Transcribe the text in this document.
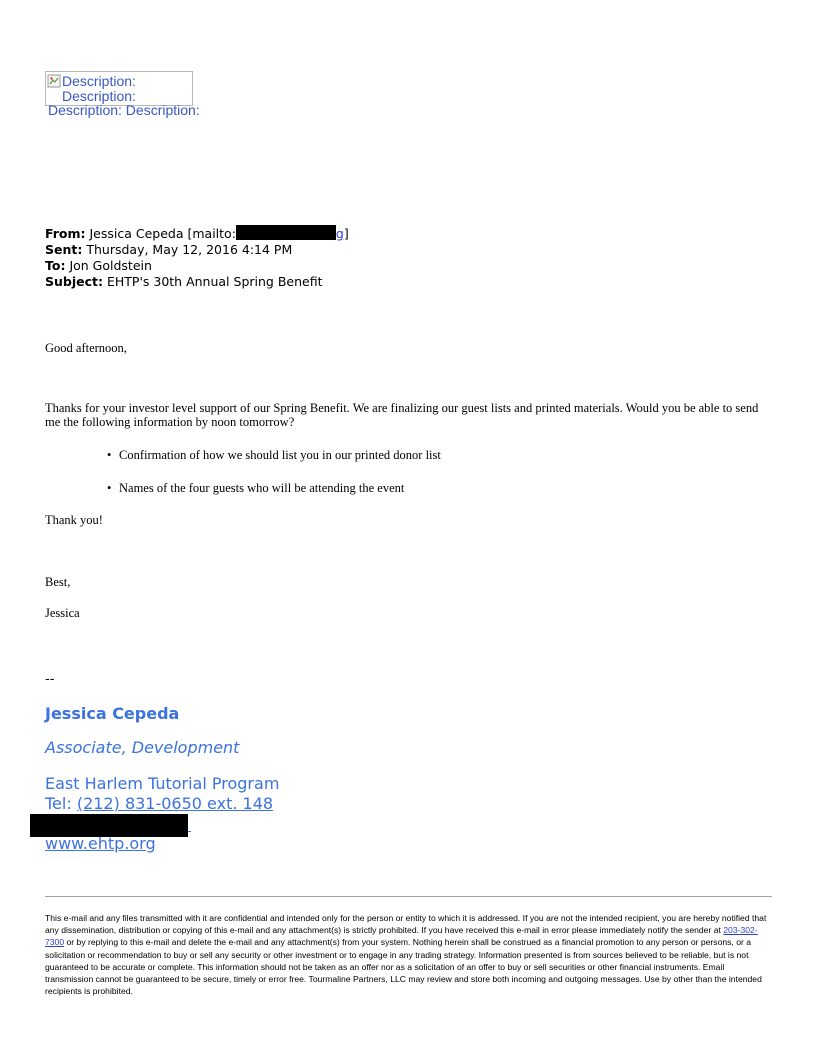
Description:
Description:
Description: Description:
From: Jessica Cepeda [mailto:	g]
Sent: Thursday, May 12, 2016 4:14 PM
To: Jon Goldstein
Subject: EHTP's 30th Annual Spring Benefit
Good afternoon,
Thanks for your investor level support of our Spring Benefit. We are finalizing our guest lists and printed materials. Would you be able to send me the following information by noon tomorrow?
• Confirmation of how we should list you in our printed donor list
• Names of the four guests who will be attending the event
Thank you!
Best,
Jessica
--
Jessica Cepeda
Associate, Development
East Harlem Tutorial Program
Tel: (212) 831-0650 ext. 148
www.ehtp.org
This e-mail and any files transmitted with it are confidential and intended only for the person or entity to which it is addressed. If you are not the intended recipient, you are hereby notified that any dissemination, distribution or copying of this e-mail and any attachment(s) is strictly prohibited. If you have received this e-mail in error please immediately notify the sender at 203-302-7300 or by replying to this e-mail and delete the e-mail and any attachment(s) from your system. Nothing herein shall be construed as a financial promotion to any person or persons, or a solicitation or recommendation to buy or sell any security or other investment or to engage in any trading strategy. Information presented is from sources believed to be reliable, but is not guaranteed to be accurate or complete. This information should not be taken as an offer nor as a solicitation of an offer to buy or sell securities or other financial instruments. Email transmission cannot be guaranteed to be secure, timely or error free. Tourmaline Partners, LLC may review and store both incoming and outgoing messages. Use by other than the intended recipients is prohibited.
